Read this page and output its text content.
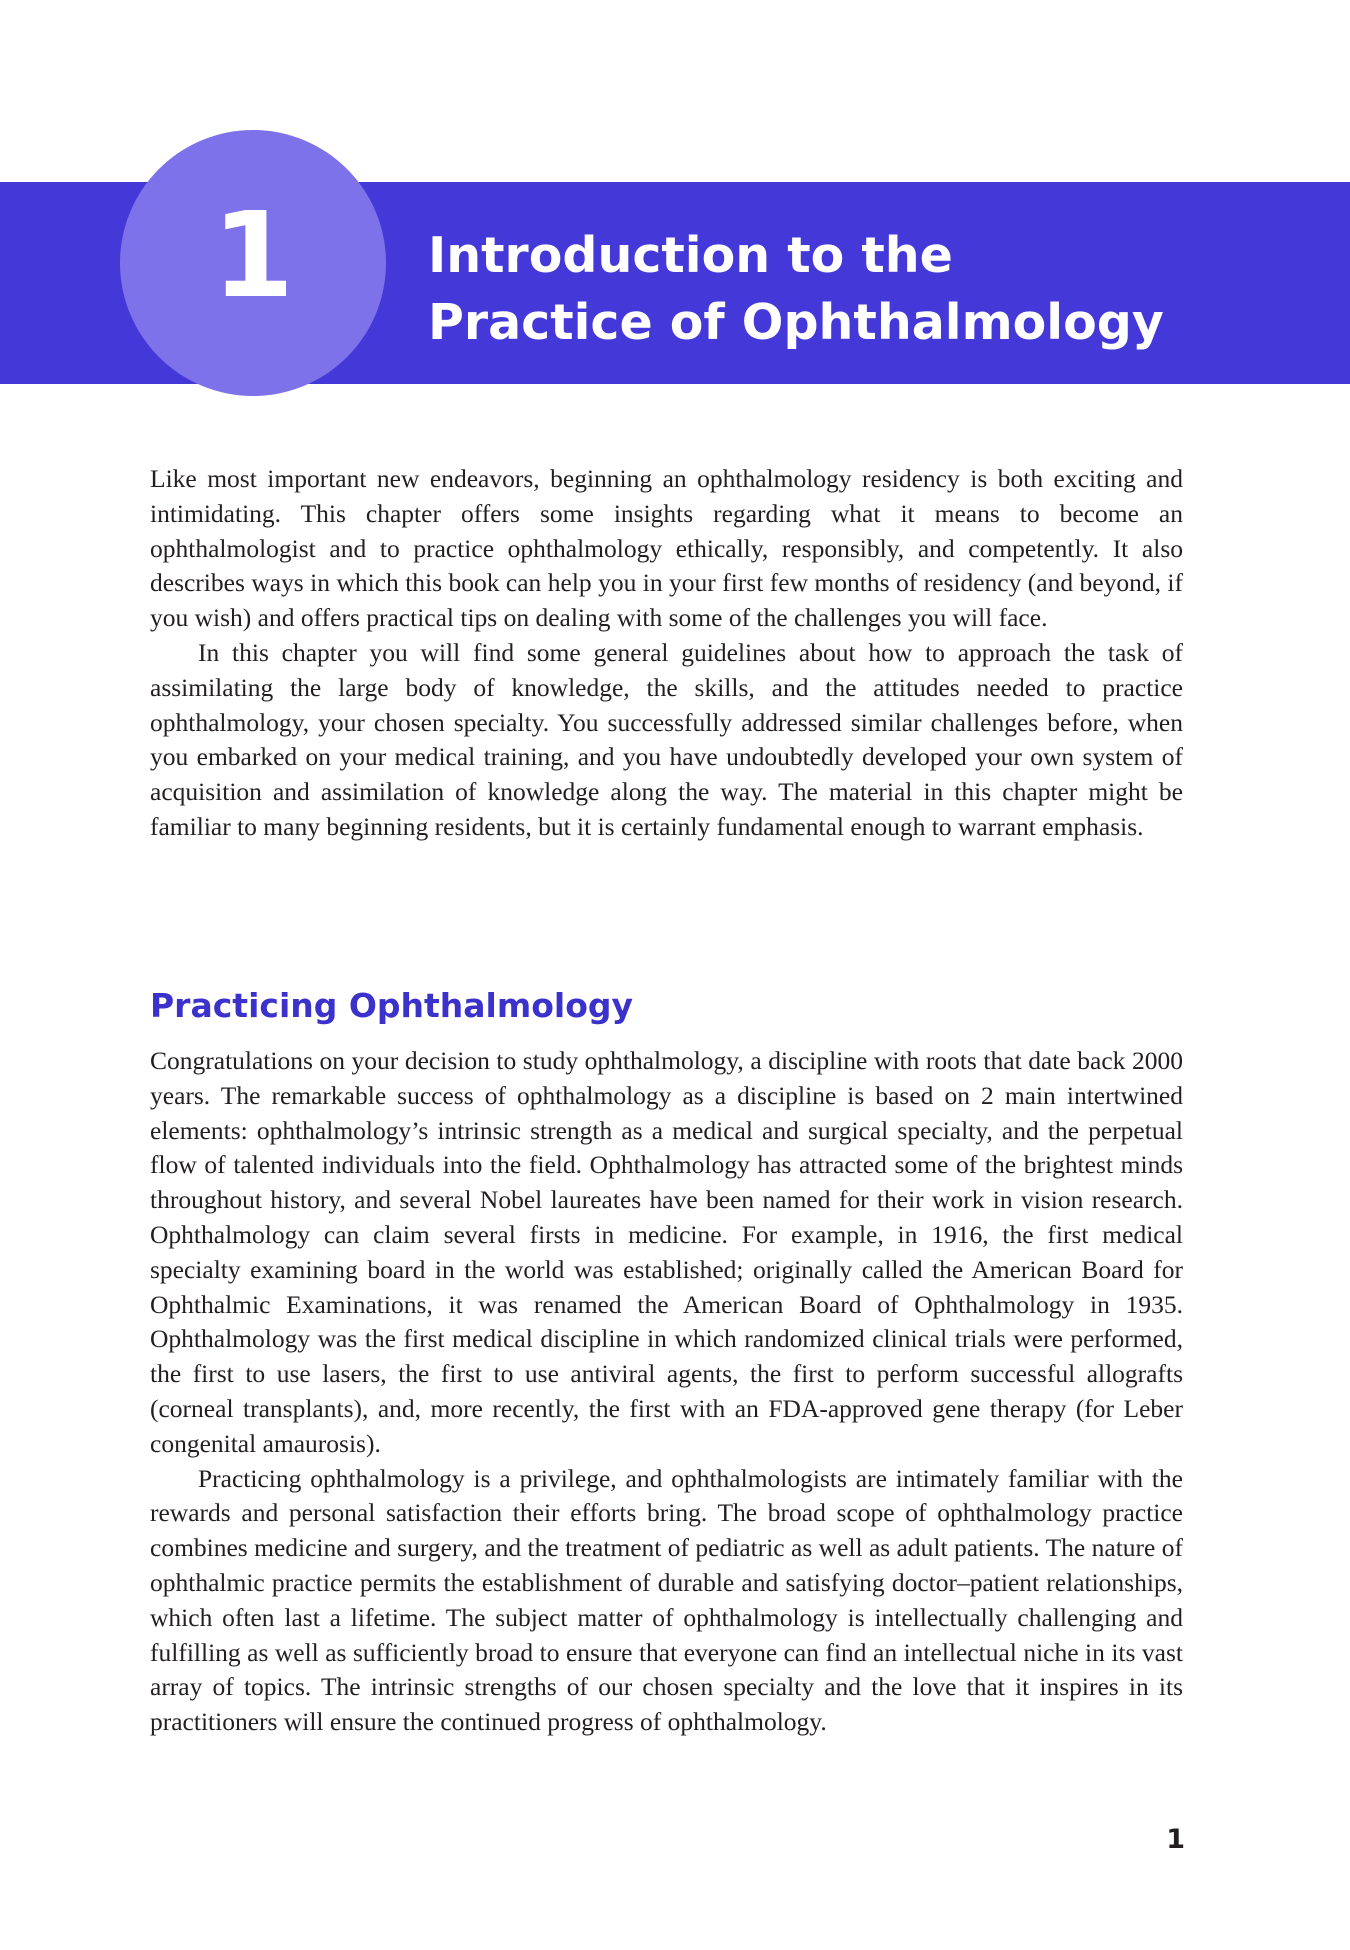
1	Introduction to the
Practice of Ophthalmology

Like most important new endeavors, beginning an ophthalmology residency is both exciting and intimidating. This chapter offers some insights regarding what it means to become an ophthalmologist and to practice ophthalmology ethically, responsibly, and competently. It also describes ways in which this book can help you in your first few months of residency (and beyond, if you wish) and offers practical tips on dealing with some of the challenges you will face.

In this chapter you will find some general guidelines about how to approach the task of assimilating the large body of knowledge, the skills, and the attitudes needed to practice ophthalmology, your chosen specialty. You successfully addressed similar challenges before, when you embarked on your medical training, and you have undoubtedly developed your own system of acquisition and assimilation of knowledge along the way. The material in this chapter might be familiar to many beginning residents, but it is certainly fundamental enough to warrant emphasis.

Practicing Ophthalmology

Congratulations on your decision to study ophthalmology, a discipline with roots that date back 2000 years. The remarkable success of ophthalmology as a discipline is based on 2 main intertwined elements: ophthalmology’s intrinsic strength as a medical and surgical specialty, and the perpetual flow of talented individuals into the field. Ophthalmology has attracted some of the brightest minds throughout history, and several Nobel laureates have been named for their work in vision research. Ophthalmology can claim several firsts in medicine. For example, in 1916, the first medical specialty examining board in the world was established; originally called the American Board for Ophthalmic Examinations, it was renamed the American Board of Ophthalmology in 1935. Ophthalmology was the first medical discipline in which randomized clinical trials were performed, the first to use lasers, the first to use antiviral agents, the first to perform successful allografts (corneal transplants), and, more recently, the first with an FDA-approved gene therapy (for Leber congenital amaurosis).

Practicing ophthalmology is a privilege, and ophthalmologists are intimately familiar with the rewards and personal satisfaction their efforts bring. The broad scope of ophthalmology practice combines medicine and surgery, and the treatment of pediatric as well as adult patients. The nature of ophthalmic practice permits the establishment of durable and satisfying doctor–patient relationships, which often last a lifetime. The subject matter of ophthalmology is intellectually challenging and fulfilling as well as sufficiently broad to ensure that everyone can find an intellectual niche in its vast array of topics. The intrinsic strengths of our chosen specialty and the love that it inspires in its practitioners will ensure the continued progress of ophthalmology.

1
